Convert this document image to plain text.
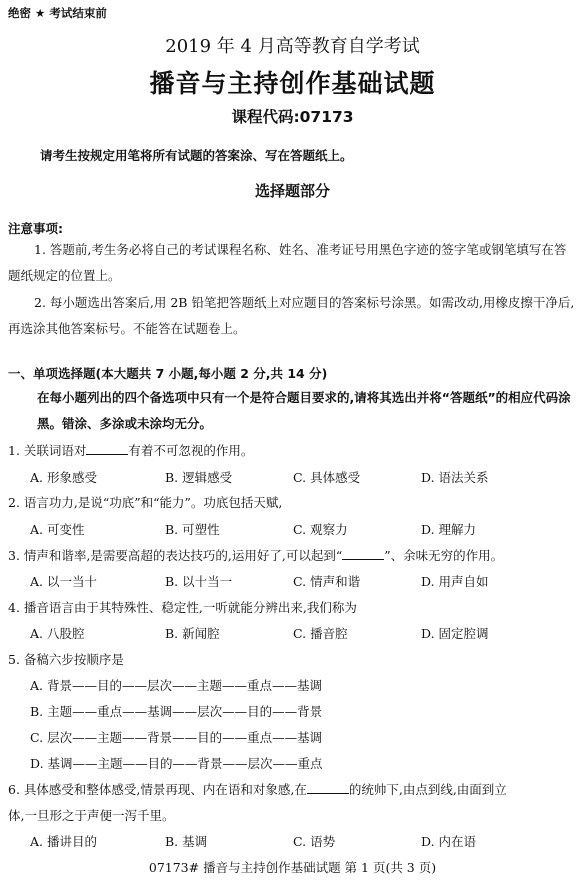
绝密 ★ 考试结束前
2019 年 4 月高等教育自学考试
播音与主持创作基础试题
课程代码:07173
请考生按规定用笔将所有试题的答案涂、写在答题纸上。
选择题部分
注意事项:
1. 答题前,考生务必将自己的考试课程名称、姓名、准考证号用黑色字迹的签字笔或钢笔填写在答题纸规定的位置上。
2. 每小题选出答案后,用 2B 铅笔把答题纸上对应题目的答案标号涂黑。如需改动,用橡皮擦干净后,再选涂其他答案标号。不能答在试题卷上。
一、单项选择题(本大题共 7 小题,每小题 2 分,共 14 分)
在每小题列出的四个备选项中只有一个是符合题目要求的,请将其选出并将“答题纸”的相应代码涂黑。错涂、多涂或未涂均无分。
1. 关联词语对	有着不可忽视的作用。
A. 形象感受	B. 逻辑感受	C. 具体感受	D. 语法关系
2. 语言功力,是说“功底”和“能力”。功底包括天赋,
A. 可变性	B. 可塑性	C. 观察力	D. 理解力
3. 情声和谐率,是需要高超的表达技巧的,运用好了,可以起到“	”、余味无穷的作用。
A. 以一当十	B. 以十当一	C. 情声和谐	D. 用声自如
4. 播音语言由于其特殊性、稳定性,一听就能分辨出来,我们称为
A. 八股腔	B. 新闻腔	C. 播音腔	D. 固定腔调
5. 备稿六步按顺序是
A. 背景——目的——层次——主题——重点——基调
B. 主题——重点——基调——层次——目的——背景
C. 层次——主题——背景——目的——重点——基调
D. 基调——主题——目的——背景——层次——重点
6. 具体感受和整体感受,情景再现、内在语和对象感,在	的统帅下,由点到线,由面到立
体,一旦形之于声便一泻千里。
A. 播讲目的	B. 基调	C. 语势	D. 内在语
07173# 播音与主持创作基础试题 第 1 页(共 3 页)
